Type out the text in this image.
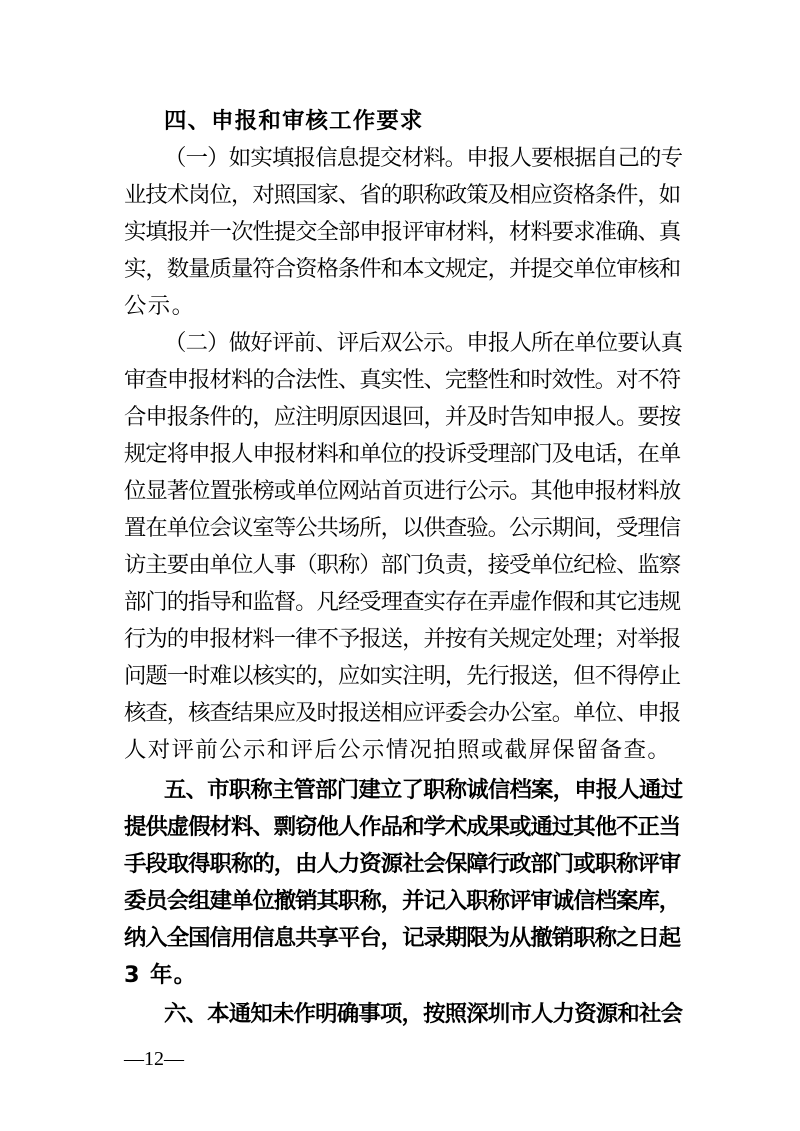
四、申报和审核工作要求
（一）如实填报信息提交材料。申报人要根据自己的专
业技术岗位，对照国家、省的职称政策及相应资格条件，如
实填报并一次性提交全部申报评审材料，材料要求准确、真
实，数量质量符合资格条件和本文规定，并提交单位审核和
公示。
（二）做好评前、评后双公示。申报人所在单位要认真
审查申报材料的合法性、真实性、完整性和时效性。对不符
合申报条件的，应注明原因退回，并及时告知申报人。要按
规定将申报人申报材料和单位的投诉受理部门及电话，在单
位显著位置张榜或单位网站首页进行公示。其他申报材料放
置在单位会议室等公共场所，以供查验。公示期间，受理信
访主要由单位人事（职称）部门负责，接受单位纪检、监察
部门的指导和监督。凡经受理查实存在弄虚作假和其它违规
行为的申报材料一律不予报送，并按有关规定处理；对举报
问题一时难以核实的，应如实注明，先行报送，但不得停止
核查，核查结果应及时报送相应评委会办公室。单位、申报
人对评前公示和评后公示情况拍照或截屏保留备查。
五、市职称主管部门建立了职称诚信档案，申报人通过
提供虚假材料、剽窃他人作品和学术成果或通过其他不正当
手段取得职称的，由人力资源社会保障行政部门或职称评审
委员会组建单位撤销其职称，并记入职称评审诚信档案库，
纳入全国信用信息共享平台，记录期限为从撤销职称之日起
3 年。
六、本通知未作明确事项，按照深圳市人力资源和社会
—12—
